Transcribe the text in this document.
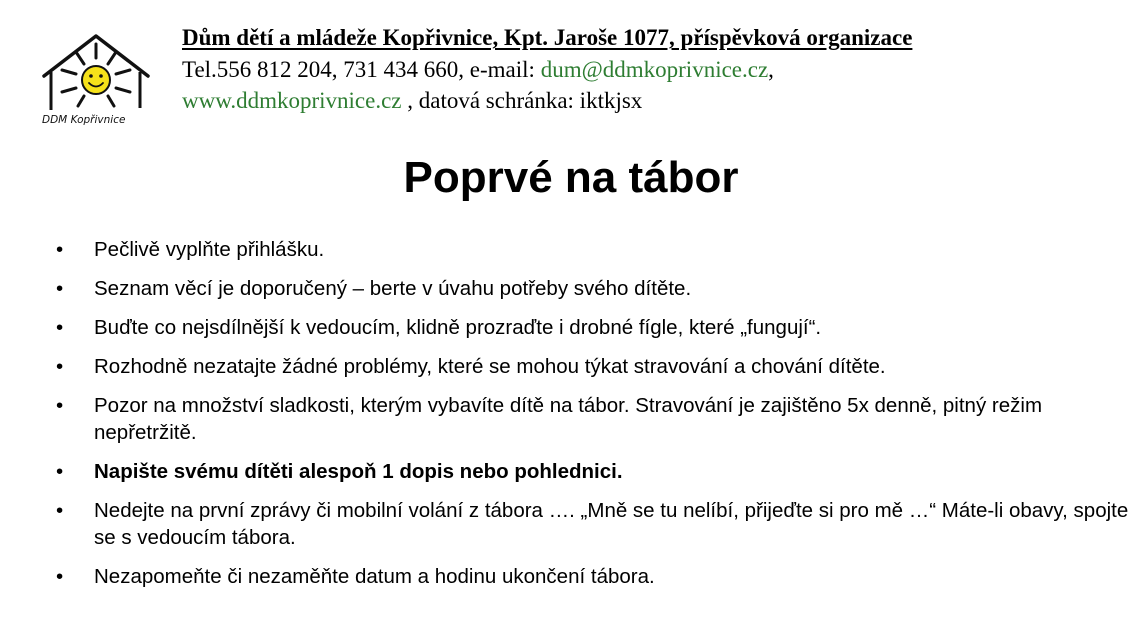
DDM Kopřivnice
Dům dětí a mládeže Kopřivnice, Kpt. Jaroše 1077, příspěvková organizace
Tel.556 812 204, 731 434 660, e-mail: dum@ddmkoprivnice.cz,
www.ddmkoprivnice.cz , datová schránka: iktkjsx
Poprvé na tábor
•	Pečlivě vyplňte přihlášku.
•	Seznam věcí je doporučený – berte v úvahu potřeby svého dítěte.
•	Buďte co nejsdílnější k vedoucím, klidně prozraďte i drobné fígle, které „fungují“.
•	Rozhodně nezatajte žádné problémy, které se mohou týkat stravování a chování dítěte.
•	Pozor na množství sladkosti, kterým vybavíte dítě na tábor. Stravování je zajištěno 5x denně, pitný režim nepřetržitě.
•	Napište svému dítěti alespoň 1 dopis nebo pohlednici.
•	Nedejte na první zprávy či mobilní volání z tábora …. „Mně se tu nelíbí, přijeďte si pro mě …“ Máte-li obavy, spojte se s vedoucím tábora.
•	Nezapomeňte či nezaměňte datum a hodinu ukončení tábora.
